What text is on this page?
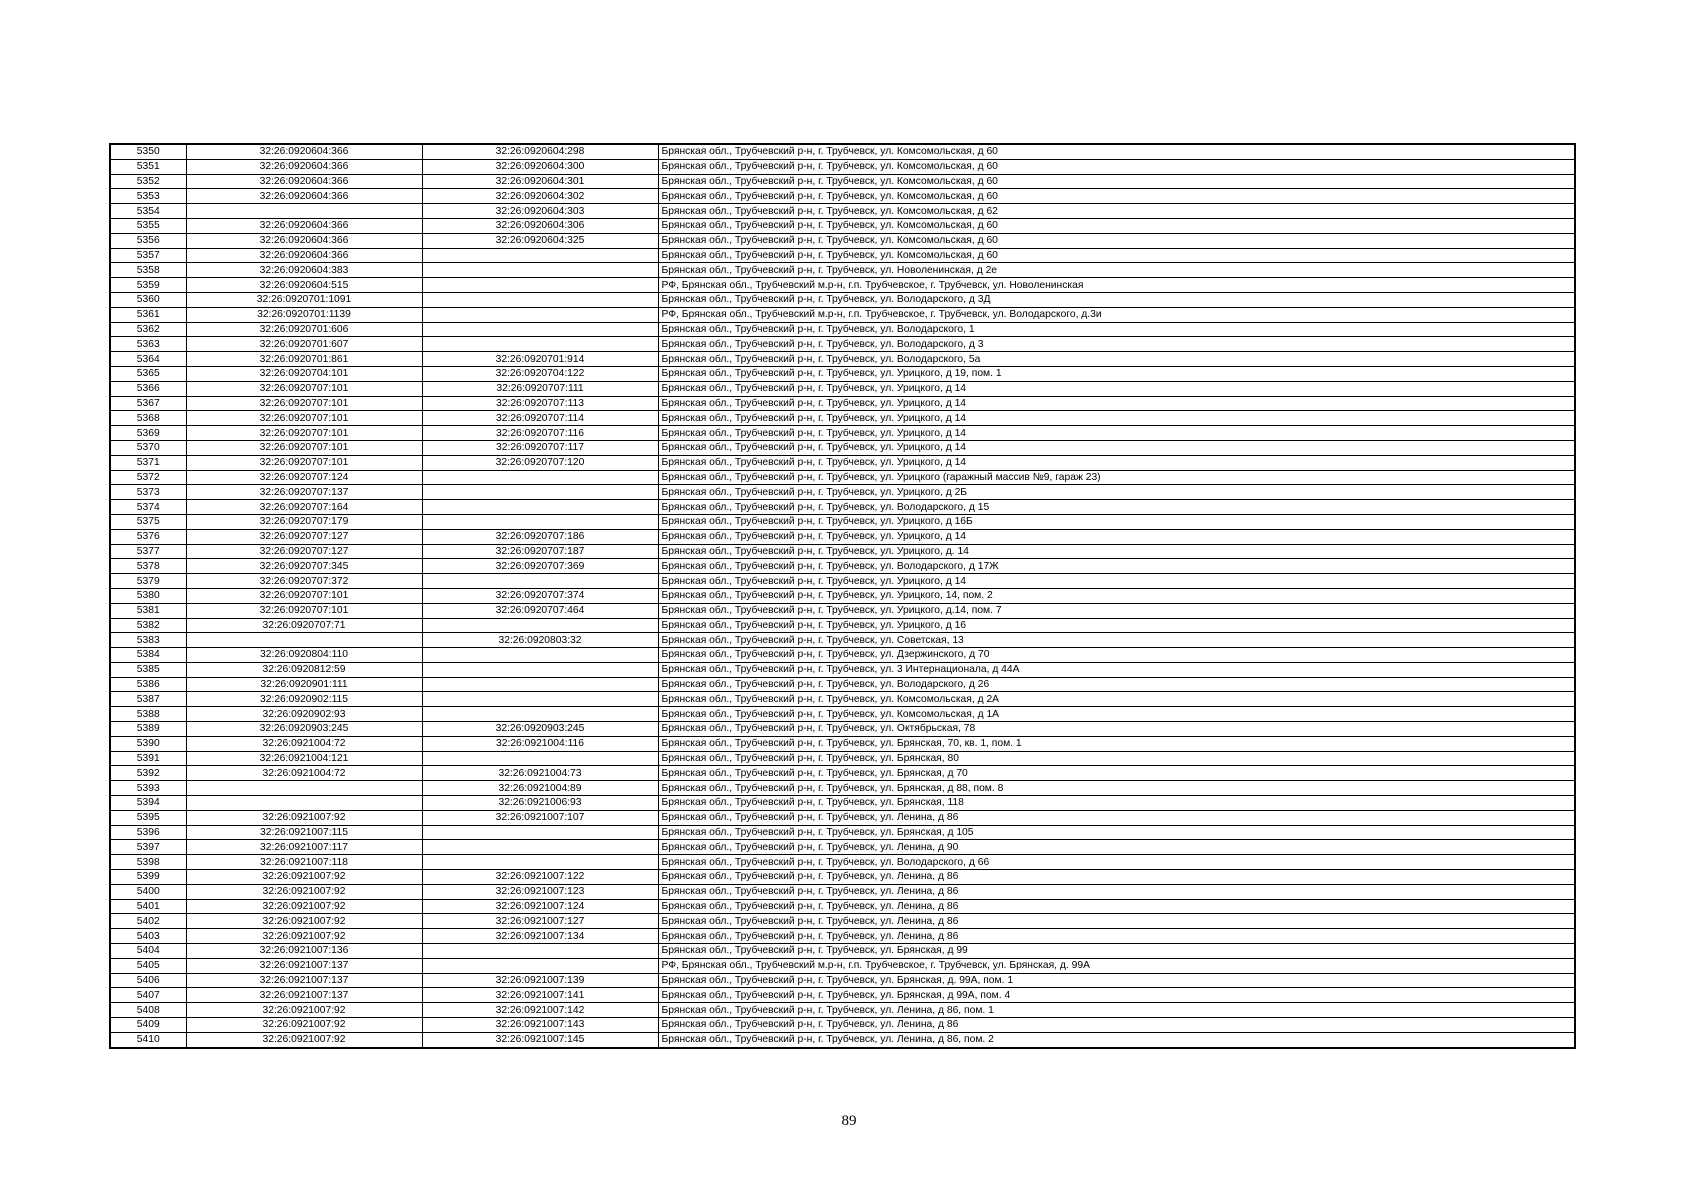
5350	32:26:0920604:366	32:26:0920604:298	Брянская обл., Трубчевский р-н, г. Трубчевск, ул. Комсомольская, д 60
5351	32:26:0920604:366	32:26:0920604:300	Брянская обл., Трубчевский р-н, г. Трубчевск, ул. Комсомольская, д 60
5352	32:26:0920604:366	32:26:0920604:301	Брянская обл., Трубчевский р-н, г. Трубчевск, ул. Комсомольская, д 60
5353	32:26:0920604:366	32:26:0920604:302	Брянская обл., Трубчевский р-н, г. Трубчевск, ул. Комсомольская, д 60
5354		32:26:0920604:303	Брянская обл., Трубчевский р-н, г. Трубчевск, ул. Комсомольская, д 62
5355	32:26:0920604:366	32:26:0920604:306	Брянская обл., Трубчевский р-н, г. Трубчевск, ул. Комсомольская, д 60
5356	32:26:0920604:366	32:26:0920604:325	Брянская обл., Трубчевский р-н, г. Трубчевск, ул. Комсомольская, д 60
5357	32:26:0920604:366		Брянская обл., Трубчевский р-н, г. Трубчевск, ул. Комсомольская, д 60
5358	32:26:0920604:383		Брянская обл., Трубчевский р-н, г. Трубчевск, ул. Новоленинская, д 2е
5359	32:26:0920604:515		РФ, Брянская обл., Трубчевский м.р-н, г.п. Трубчевское, г. Трубчевск, ул. Новоленинская
5360	32:26:0920701:1091		Брянская обл., Трубчевский р-н, г. Трубчевск, ул. Володарского, д 3Д
5361	32:26:0920701:1139		РФ, Брянская обл., Трубчевский м.р-н, г.п. Трубчевское, г. Трубчевск, ул. Володарского, д.3и
5362	32:26:0920701:606		Брянская обл., Трубчевский р-н, г. Трубчевск, ул. Володарского, 1
5363	32:26:0920701:607		Брянская обл., Трубчевский р-н, г. Трубчевск, ул. Володарского, д 3
5364	32:26:0920701:861	32:26:0920701:914	Брянская обл., Трубчевский р-н, г. Трубчевск, ул. Володарского, 5а
5365	32:26:0920704:101	32:26:0920704:122	Брянская обл., Трубчевский р-н, г. Трубчевск, ул. Урицкого, д 19, пом. 1
5366	32:26:0920707:101	32:26:0920707:111	Брянская обл., Трубчевский р-н, г. Трубчевск, ул. Урицкого, д 14
5367	32:26:0920707:101	32:26:0920707:113	Брянская обл., Трубчевский р-н, г. Трубчевск, ул. Урицкого, д 14
5368	32:26:0920707:101	32:26:0920707:114	Брянская обл., Трубчевский р-н, г. Трубчевск, ул. Урицкого, д 14
5369	32:26:0920707:101	32:26:0920707:116	Брянская обл., Трубчевский р-н, г. Трубчевск, ул. Урицкого, д 14
5370	32:26:0920707:101	32:26:0920707:117	Брянская обл., Трубчевский р-н, г. Трубчевск, ул. Урицкого, д 14
5371	32:26:0920707:101	32:26:0920707:120	Брянская обл., Трубчевский р-н, г. Трубчевск, ул. Урицкого, д 14
5372	32:26:0920707:124		Брянская обл., Трубчевский р-н, г. Трубчевск, ул. Урицкого (гаражный массив №9, гараж 23)
5373	32:26:0920707:137		Брянская обл., Трубчевский р-н, г. Трубчевск, ул. Урицкого, д 2Б
5374	32:26:0920707:164		Брянская обл., Трубчевский р-н, г. Трубчевск, ул. Володарского, д 15
5375	32:26:0920707:179		Брянская обл., Трубчевский р-н, г. Трубчевск, ул. Урицкого, д 16Б
5376	32:26:0920707:127	32:26:0920707:186	Брянская обл., Трубчевский р-н, г. Трубчевск, ул. Урицкого, д 14
5377	32:26:0920707:127	32:26:0920707:187	Брянская обл., Трубчевский р-н, г. Трубчевск, ул. Урицкого, д. 14
5378	32:26:0920707:345	32:26:0920707:369	Брянская обл., Трубчевский р-н, г. Трубчевск, ул. Володарского, д 17Ж
5379	32:26:0920707:372		Брянская обл., Трубчевский р-н, г. Трубчевск, ул. Урицкого, д 14
5380	32:26:0920707:101	32:26:0920707:374	Брянская обл., Трубчевский р-н, г. Трубчевск, ул. Урицкого, 14, пом. 2
5381	32:26:0920707:101	32:26:0920707:464	Брянская обл., Трубчевский р-н, г. Трубчевск, ул. Урицкого, д.14, пом. 7
5382	32:26:0920707:71		Брянская обл., Трубчевский р-н, г. Трубчевск, ул. Урицкого, д 16
5383		32:26:0920803:32	Брянская обл., Трубчевский р-н, г. Трубчевск, ул. Советская, 13
5384	32:26:0920804:110		Брянская обл., Трубчевский р-н, г. Трубчевск, ул. Дзержинского, д 70
5385	32:26:0920812:59		Брянская обл., Трубчевский р-н, г. Трубчевск, ул. 3 Интернационала, д 44А
5386	32:26:0920901:111		Брянская обл., Трубчевский р-н, г. Трубчевск, ул. Володарского, д 26
5387	32:26:0920902:115		Брянская обл., Трубчевский р-н, г. Трубчевск, ул. Комсомольская, д 2А
5388	32:26:0920902:93		Брянская обл., Трубчевский р-н, г. Трубчевск, ул. Комсомольская, д 1А
5389	32:26:0920903:245	32:26:0920903:245	Брянская обл., Трубчевский р-н, г. Трубчевск, ул. Октябрьская, 78
5390	32:26:0921004:72	32:26:0921004:116	Брянская обл., Трубчевский р-н, г. Трубчевск, ул. Брянская, 70, кв. 1, пом. 1
5391	32:26:0921004:121		Брянская обл., Трубчевский р-н, г. Трубчевск, ул. Брянская, 80
5392	32:26:0921004:72	32:26:0921004:73	Брянская обл., Трубчевский р-н, г. Трубчевск, ул. Брянская, д 70
5393		32:26:0921004:89	Брянская обл., Трубчевский р-н, г. Трубчевск, ул. Брянская, д 88, пом. 8
5394		32:26:0921006:93	Брянская обл., Трубчевский р-н, г. Трубчевск, ул. Брянская, 118
5395	32:26:0921007:92	32:26:0921007:107	Брянская обл., Трубчевский р-н, г. Трубчевск, ул. Ленина, д 86
5396	32:26:0921007:115		Брянская обл., Трубчевский р-н, г. Трубчевск, ул. Брянская, д 105
5397	32:26:0921007:117		Брянская обл., Трубчевский р-н, г. Трубчевск, ул. Ленина, д 90
5398	32:26:0921007:118		Брянская обл., Трубчевский р-н, г. Трубчевск, ул. Володарского, д 66
5399	32:26:0921007:92	32:26:0921007:122	Брянская обл., Трубчевский р-н, г. Трубчевск, ул. Ленина, д 86
5400	32:26:0921007:92	32:26:0921007:123	Брянская обл., Трубчевский р-н, г. Трубчевск, ул. Ленина, д 86
5401	32:26:0921007:92	32:26:0921007:124	Брянская обл., Трубчевский р-н, г. Трубчевск, ул. Ленина, д 86
5402	32:26:0921007:92	32:26:0921007:127	Брянская обл., Трубчевский р-н, г. Трубчевск, ул. Ленина, д 86
5403	32:26:0921007:92	32:26:0921007:134	Брянская обл., Трубчевский р-н, г. Трубчевск, ул. Ленина, д 86
5404	32:26:0921007:136		Брянская обл., Трубчевский р-н, г. Трубчевск, ул. Брянская, д 99
5405	32:26:0921007:137		РФ, Брянская обл., Трубчевский м.р-н, г.п. Трубчевское, г. Трубчевск, ул. Брянская, д. 99А
5406	32:26:0921007:137	32:26:0921007:139	Брянская обл., Трубчевский р-н, г. Трубчевск, ул. Брянская, д. 99А, пом. 1
5407	32:26:0921007:137	32:26:0921007:141	Брянская обл., Трубчевский р-н, г. Трубчевск, ул. Брянская, д 99А, пом. 4
5408	32:26:0921007:92	32:26:0921007:142	Брянская обл., Трубчевский р-н, г. Трубчевск, ул. Ленина, д 86, пом. 1
5409	32:26:0921007:92	32:26:0921007:143	Брянская обл., Трубчевский р-н, г. Трубчевск, ул. Ленина, д 86
5410	32:26:0921007:92	32:26:0921007:145	Брянская обл., Трубчевский р-н, г. Трубчевск, ул. Ленина, д 86, пом. 2
89
